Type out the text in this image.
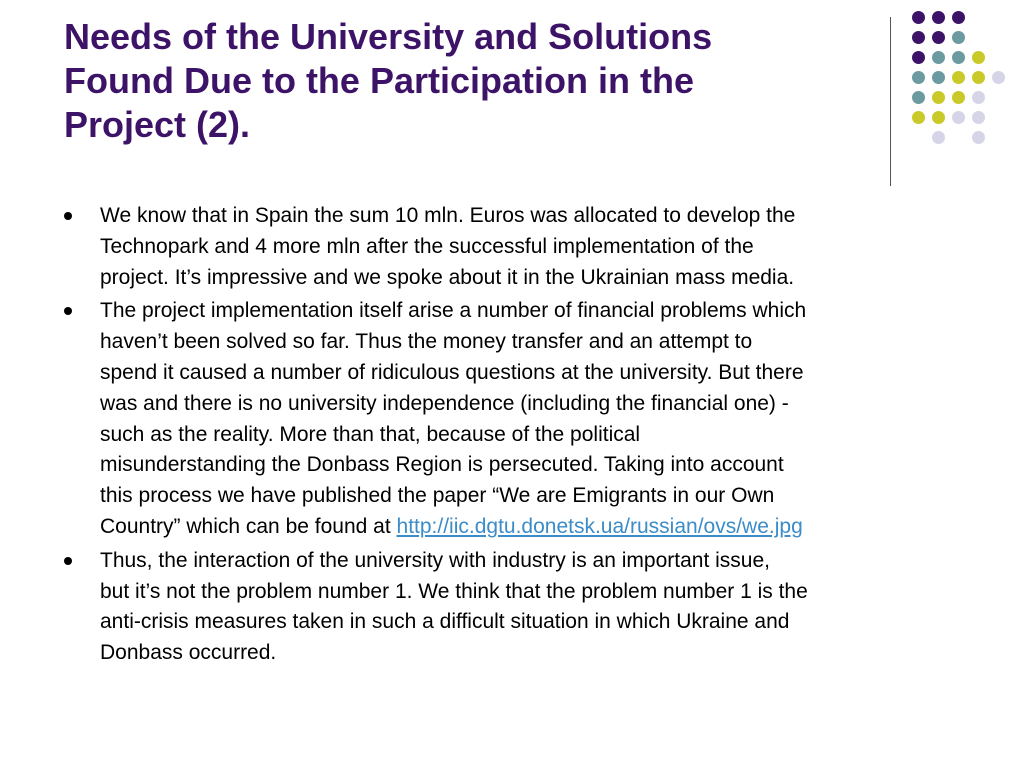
Needs of the University and Solutions
Found Due to the Participation in the
Project (2).
We know that in Spain the sum 10 mln. Euros was allocated to develop the
Technopark and 4 more mln after the successful implementation of the
project. It’s impressive and we spoke about it in the Ukrainian mass media.
The project implementation itself arise a number of financial problems which
haven’t been solved so far. Thus the money transfer and an attempt to
spend it caused a number of ridiculous questions at the university. But there
was and there is no university independence (including the financial one) -
such as the reality. More than that, because of the political
misunderstanding the Donbass Region is persecuted. Taking into account
this process we have published the paper “We are Emigrants in our Own
Country” which can be found at http://iic.dgtu.donetsk.ua/russian/ovs/we.jpg
Thus, the interaction of the university with industry is an important issue,
but it’s not the problem number 1. We think that the problem number 1 is the
anti-crisis measures taken in such a difficult situation in which Ukraine and
Donbass occurred.
